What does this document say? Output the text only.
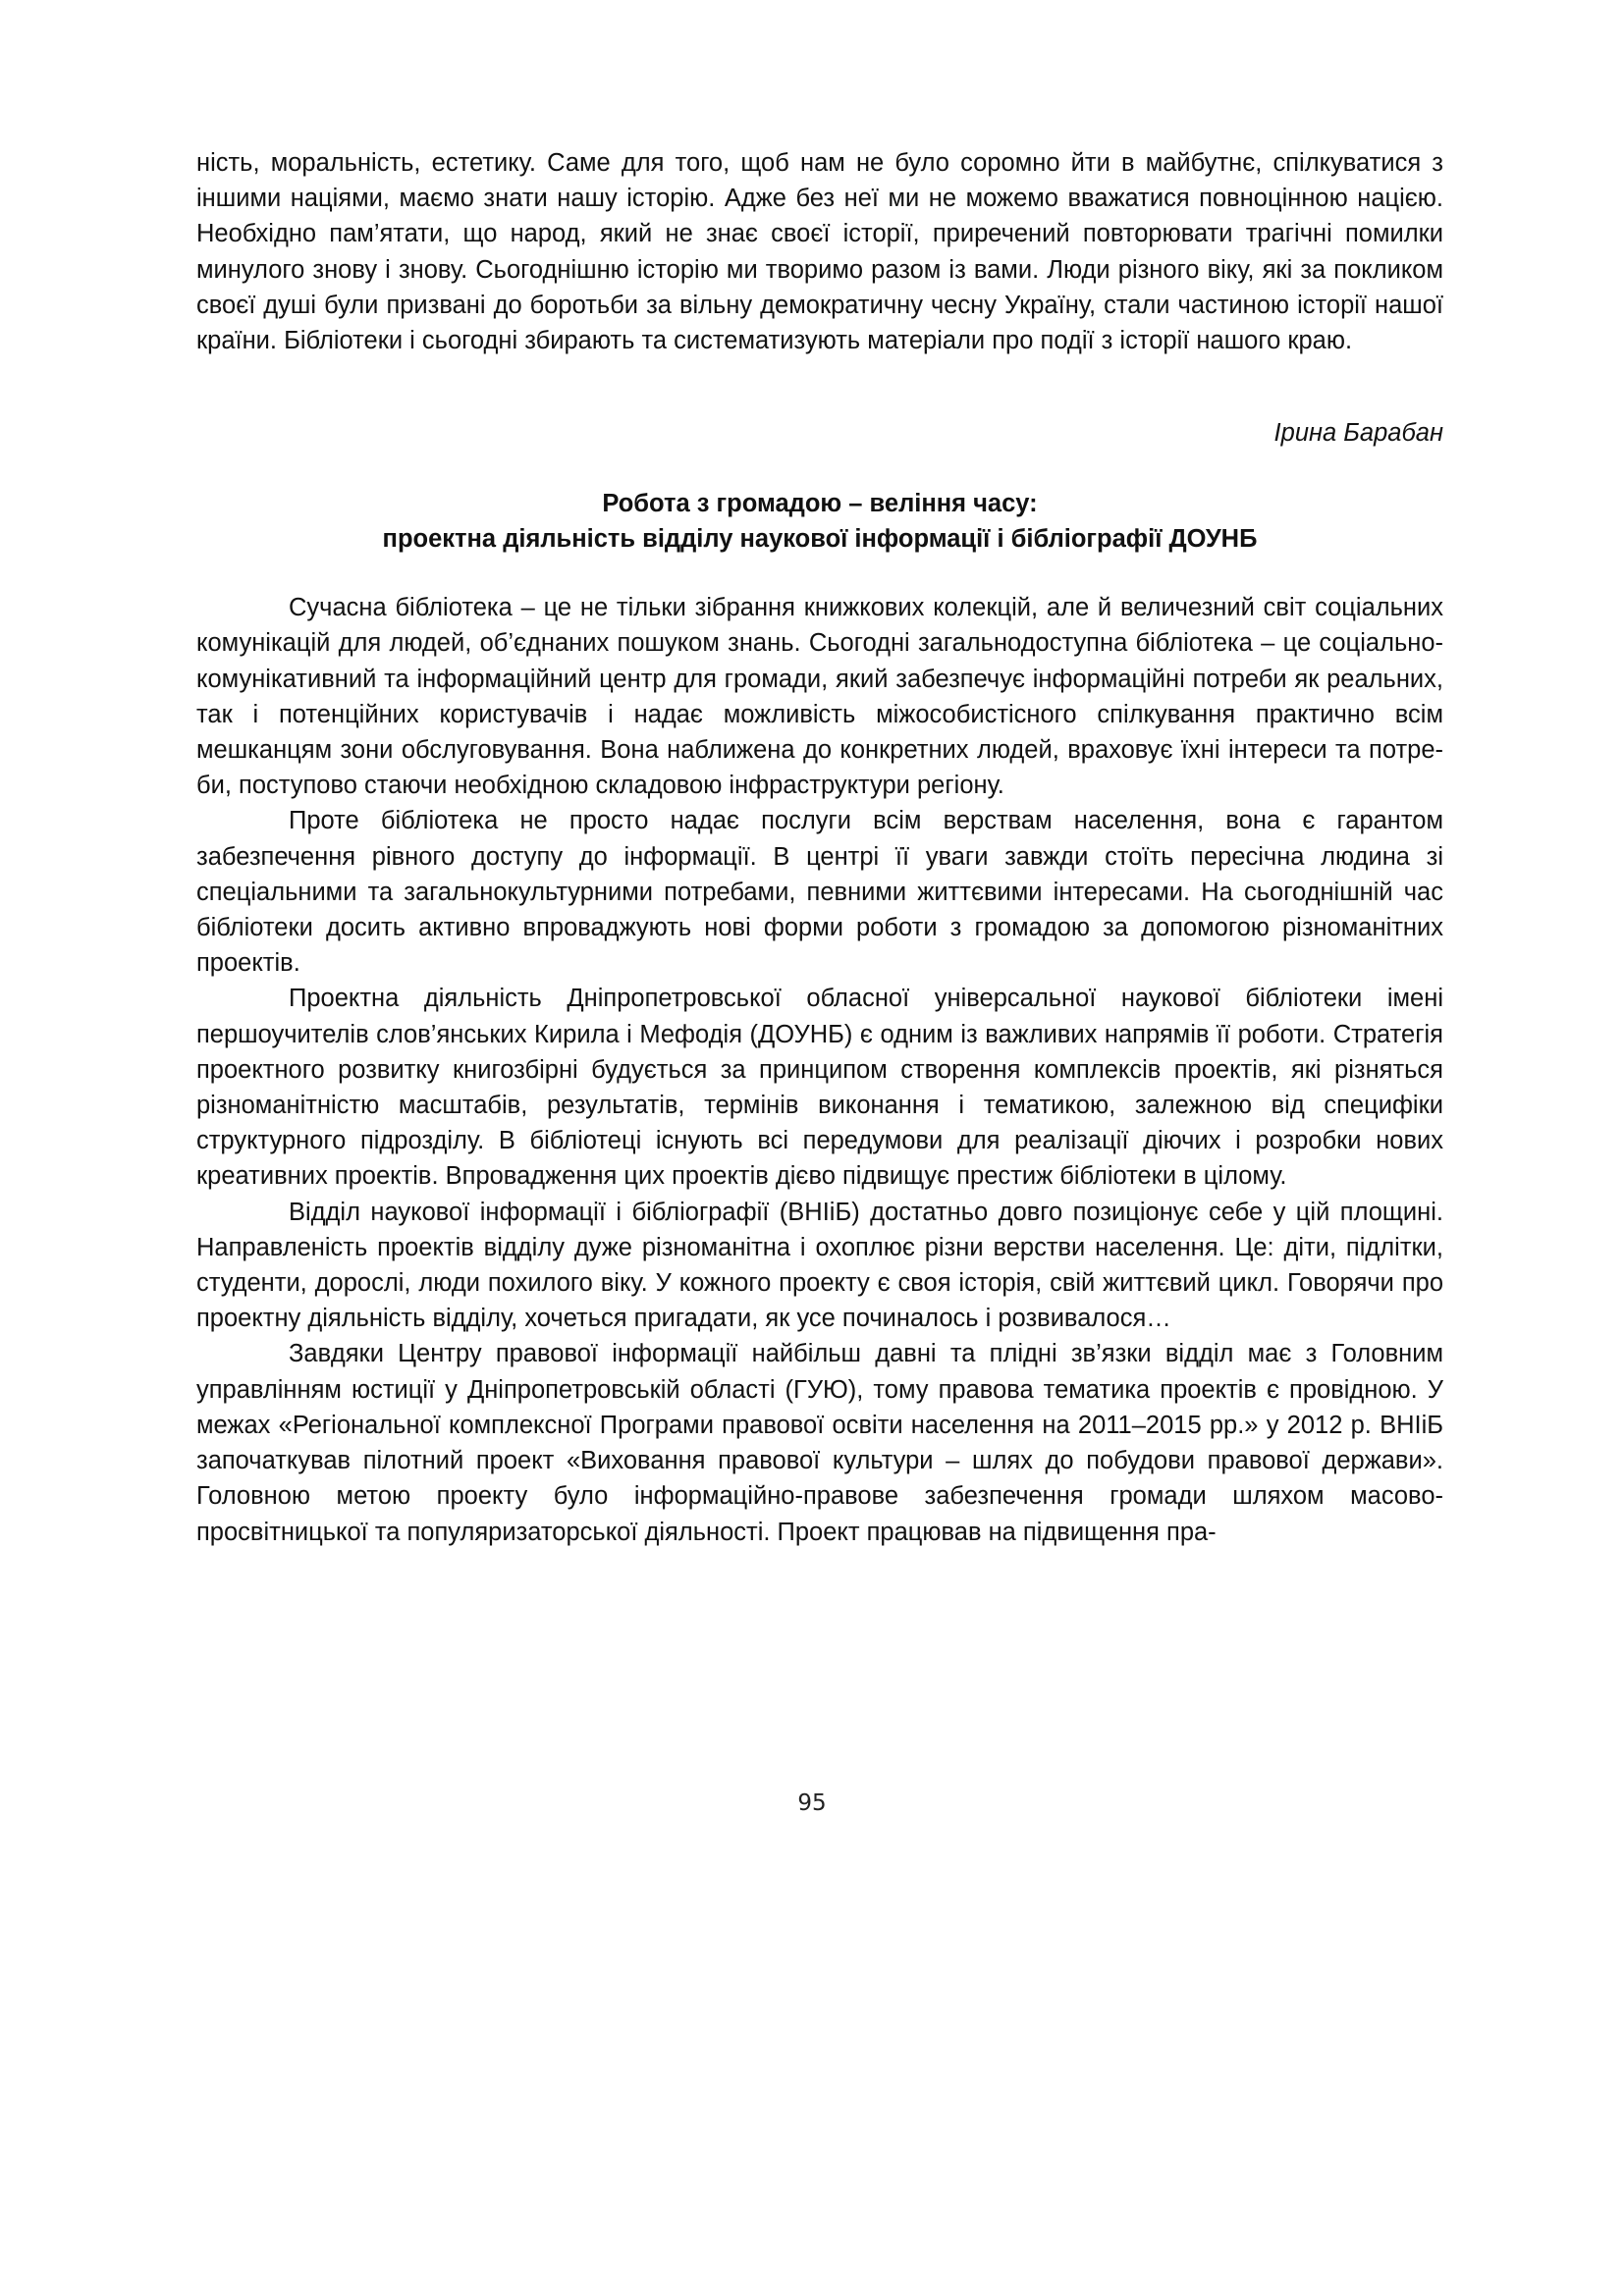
ність, моральність, естетику. Саме для того, щоб нам не було соромно йти в майбутнє, спілкуватися з іншими націями, маємо знати нашу історію. Адже без неї ми не можемо вважатися повноцінною нацією. Необхідно пам’ятати, що народ, який не знає своєї історії, приречений повторювати трагічні помилки минулого знову і знову. Сьогоднішню історію ми творимо разом із вами. Люди різного віку, які за покликом своєї душі були призвані до боротьби за вільну демократичну чесну Україну, стали частиною історії нашої країни. Бібліотеки і сьогодні збирають та систематизують матеріали про події з історії нашого краю.

Ірина Барабан

Робота з громадою – веління часу:
проектна діяльність відділу наукової інформації і бібліографії ДОУНБ

Сучасна бібліотека – це не тільки зібрання книжкових колекцій, але й величезний світ соціальних комунікацій для людей, об’єднаних пошуком знань. Сьогодні загальнодоступна бібліотека – це соціально-комунікативний та інформаційний центр для громади, який забезпечує інформаційні потреби як реальних, так і потенційних користувачів і надає можливість міжособистісного спілкування практично всім мешканцям зони обслуговування. Вона наближена до конкретних людей, враховує їхні інтереси та потреби, поступово стаючи необхідною складовою інфраструктури регіону.

Проте бібліотека не просто надає послуги всім верствам населення, вона є гарантом забезпечення рівного доступу до інформації. В центрі її уваги завжди стоїть пересічна людина зі спеціальними та загальнокультурними потребами, певними життєвими інтересами. На сьогоднішній час бібліотеки досить активно впроваджують нові форми роботи з громадою за допомогою різноманітних проектів.

Проектна діяльність Дніпропетровської обласної універсальної наукової бібліотеки імені першоучителів слов’янських Кирила і Мефодія (ДОУНБ) є одним із важливих напрямів її роботи. Стратегія проектного розвитку книгозбірні будується за принципом створення комплексів проектів, які різняться різноманітністю масштабів, результатів, термінів виконання і тематикою, залежною від специфіки структурного підрозділу. В бібліотеці існують всі передумови для реалізації діючих і розробки нових креативних проектів. Впровадження цих проектів дієво підвищує престиж бібліотеки в цілому.

Відділ наукової інформації і бібліографії (ВНІіБ) достатньо довго позиціонує себе у цій площині. Направленість проектів відділу дуже різноманітна і охоплює різни верстви населення. Це: діти, підлітки, студенти, дорослі, люди похилого віку. У кожного проекту є своя історія, свій життєвий цикл. Говорячи про проектну діяльність відділу, хочеться пригадати, як усе починалось і розвивалося…

Завдяки Центру правової інформації найбільш давні та плідні зв’язки відділ має з Головним управлінням юстиції у Дніпропетровській області (ГУЮ), тому правова тематика проектів є провідною. У межах «Регіональної комплексної Програми правової освіти населення на 2011–2015 рр.» у 2012 р. ВНІіБ започаткував пілотний проект «Виховання правової культури – шлях до побудови правової держави». Головною метою проекту було інформаційно-правове забезпечення громади шляхом масовопросвітницької та популяризаторської діяльності. Проект працював на підвищення пра-

95
